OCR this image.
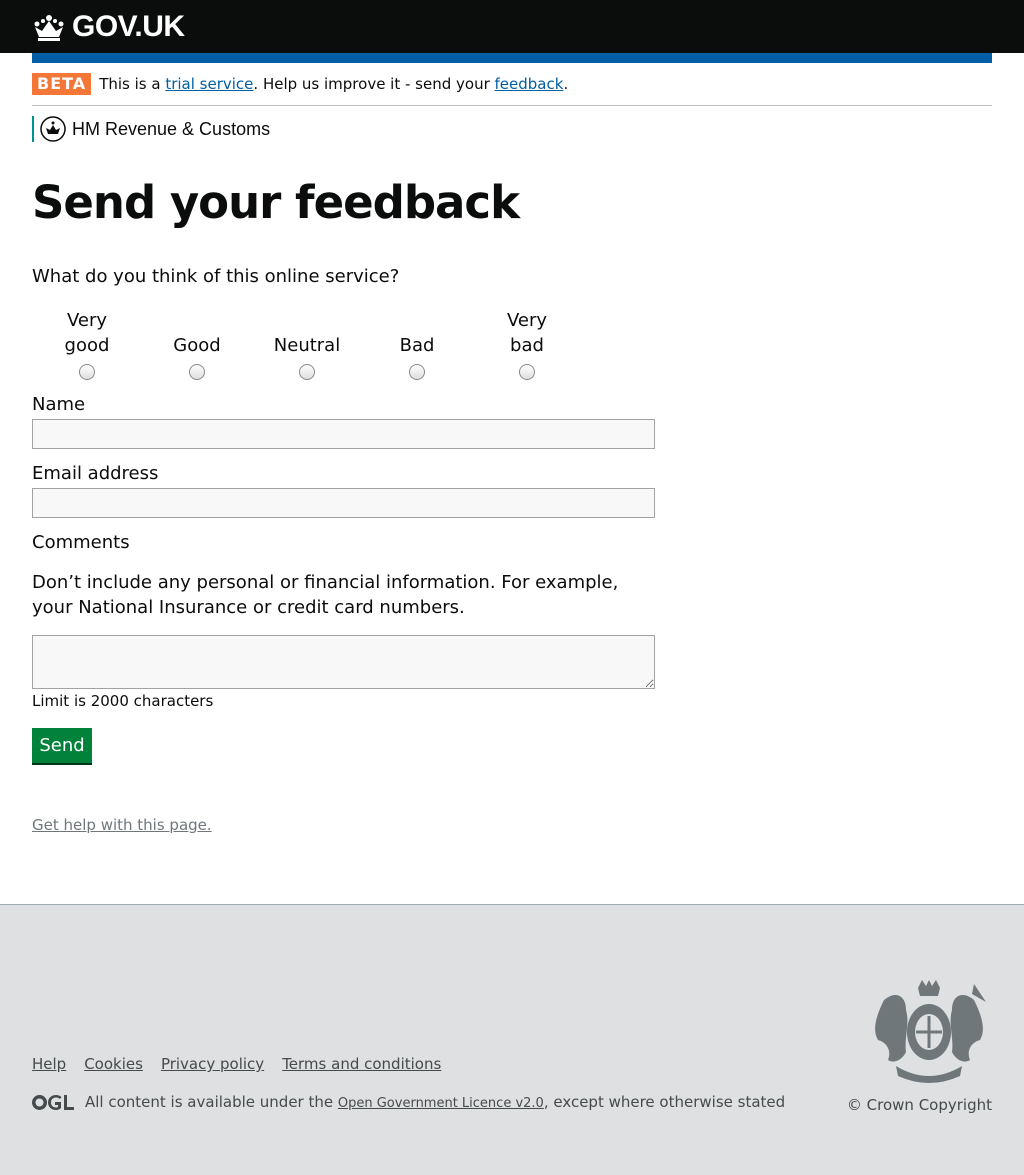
GOV.UK
BETA This is a trial service. Help us improve it - send your feedback.
HM Revenue & Customs
Send your feedback
What do you think of this online service?
Very
good	Good	Neutral	Bad
Very
bad
Name
Email address
Comments
Don’t include any personal or financial information. For example, your National Insurance or credit card numbers.
Limit is 2000 characters
Send
Get help with this page.
Help Cookies Privacy policy Terms and conditions
All content is available under the Open Government Licence v2.0, except where otherwise stated	© Crown Copyright
